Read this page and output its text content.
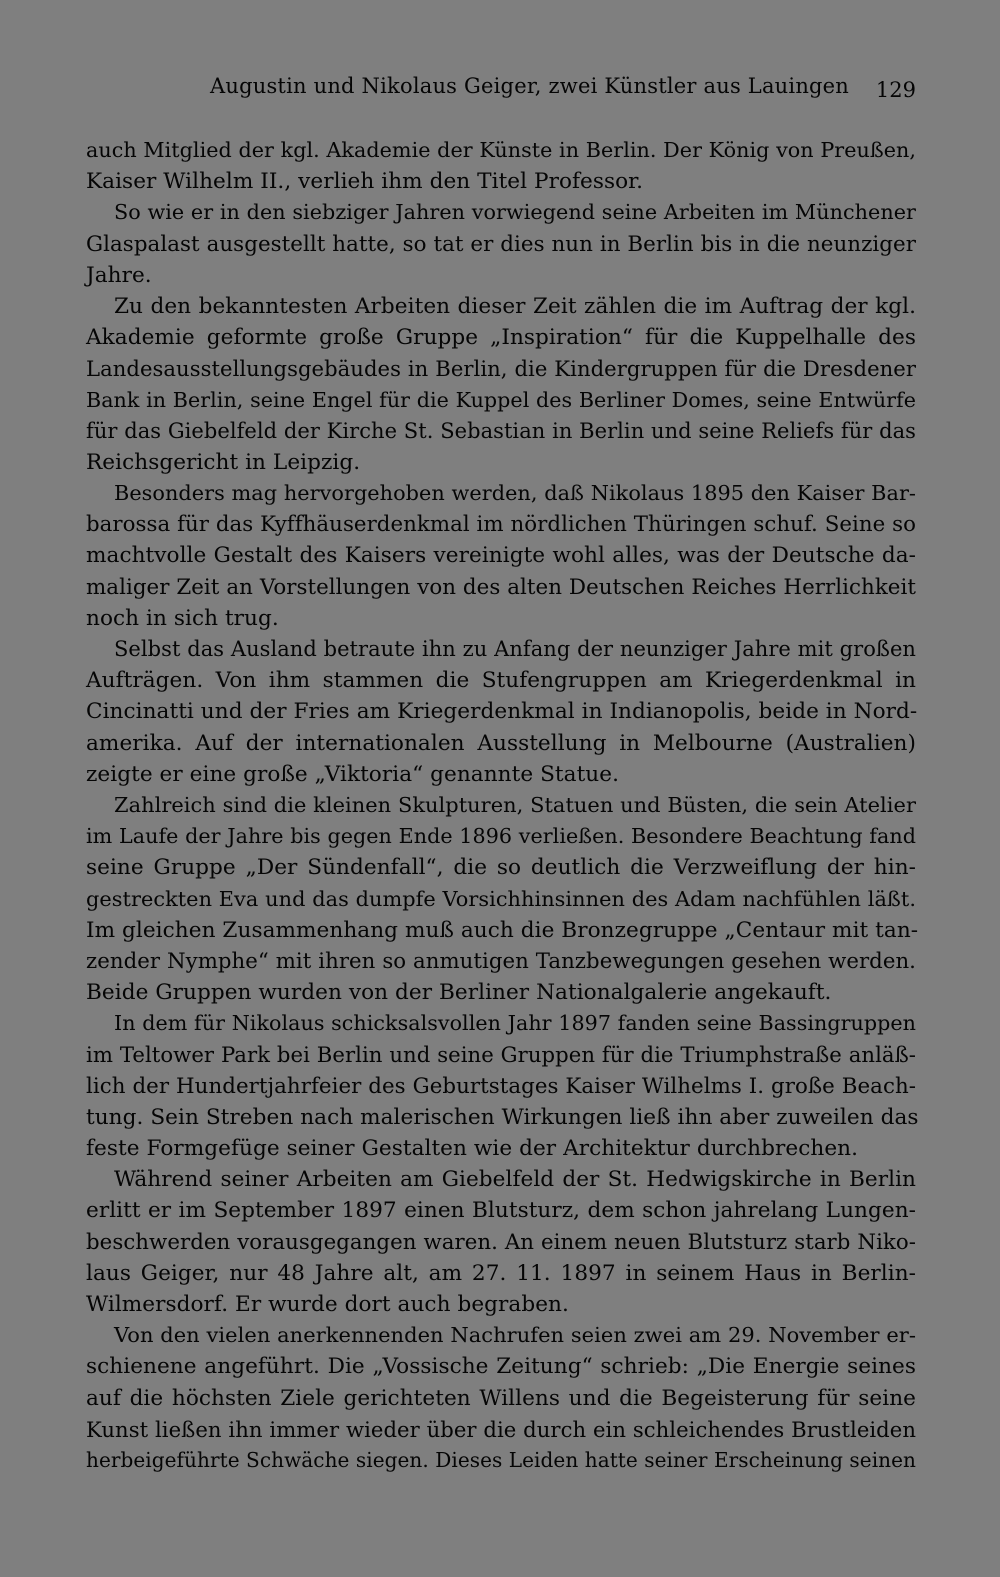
Augustin und Nikolaus Geiger, zwei Künstler aus Lauingen 129

auch Mitglied der kgl. Akademie der Künste in Berlin. Der König von Preußen,
Kaiser Wilhelm II., verlieh ihm den Titel Professor.

So wie er in den siebziger Jahren vorwiegend seine Arbeiten im Münchener
Glaspalast ausgestellt hatte, so tat er dies nun in Berlin bis in die neunziger
Jahre.

Zu den bekanntesten Arbeiten dieser Zeit zählen die im Auftrag der kgl.
Akademie geformte große Gruppe „Inspiration“ für die Kuppelhalle des
Landesausstellungsgebäudes in Berlin, die Kindergruppen für die Dresdener
Bank in Berlin, seine Engel für die Kuppel des Berliner Domes, seine Entwürfe
für das Giebelfeld der Kirche St. Sebastian in Berlin und seine Reliefs für das
Reichsgericht in Leipzig.

Besonders mag hervorgehoben werden, daß Nikolaus 1895 den Kaiser Bar-
barossa für das Kyffhäuserdenkmal im nördlichen Thüringen schuf. Seine so
machtvolle Gestalt des Kaisers vereinigte wohl alles, was der Deutsche da-
maliger Zeit an Vorstellungen von des alten Deutschen Reiches Herrlichkeit
noch in sich trug.

Selbst das Ausland betraute ihn zu Anfang der neunziger Jahre mit großen
Aufträgen. Von ihm stammen die Stufengruppen am Kriegerdenkmal in
Cincinatti und der Fries am Kriegerdenkmal in Indianopolis, beide in Nord-
amerika. Auf der internationalen Ausstellung in Melbourne (Australien)
zeigte er eine große „Viktoria“ genannte Statue.

Zahlreich sind die kleinen Skulpturen, Statuen und Büsten, die sein Atelier
im Laufe der Jahre bis gegen Ende 1896 verließen. Besondere Beachtung fand
seine Gruppe „Der Sündenfall“, die so deutlich die Verzweiflung der hin-
gestreckten Eva und das dumpfe Vorsichhinsinnen des Adam nachfühlen läßt.
Im gleichen Zusammenhang muß auch die Bronzegruppe „Centaur mit tan-
zender Nymphe“ mit ihren so anmutigen Tanzbewegungen gesehen werden.
Beide Gruppen wurden von der Berliner Nationalgalerie angekauft.

In dem für Nikolaus schicksalsvollen Jahr 1897 fanden seine Bassingruppen
im Teltower Park bei Berlin und seine Gruppen für die Triumphstraße anläß-
lich der Hundertjahrfeier des Geburtstages Kaiser Wilhelms I. große Beach-
tung. Sein Streben nach malerischen Wirkungen ließ ihn aber zuweilen das
feste Formgefüge seiner Gestalten wie der Architektur durchbrechen.

Während seiner Arbeiten am Giebelfeld der St. Hedwigskirche in Berlin
erlitt er im September 1897 einen Blutsturz, dem schon jahrelang Lungen-
beschwerden vorausgegangen waren. An einem neuen Blutsturz starb Niko-
laus Geiger, nur 48 Jahre alt, am 27. 11. 1897 in seinem Haus in Berlin-
Wilmersdorf. Er wurde dort auch begraben.

Von den vielen anerkennenden Nachrufen seien zwei am 29. November er-
schienene angeführt. Die „Vossische Zeitung“ schrieb: „Die Energie seines
auf die höchsten Ziele gerichteten Willens und die Begeisterung für seine
Kunst ließen ihn immer wieder über die durch ein schleichendes Brustleiden
herbeigeführte Schwäche siegen. Dieses Leiden hatte seiner Erscheinung seinen
